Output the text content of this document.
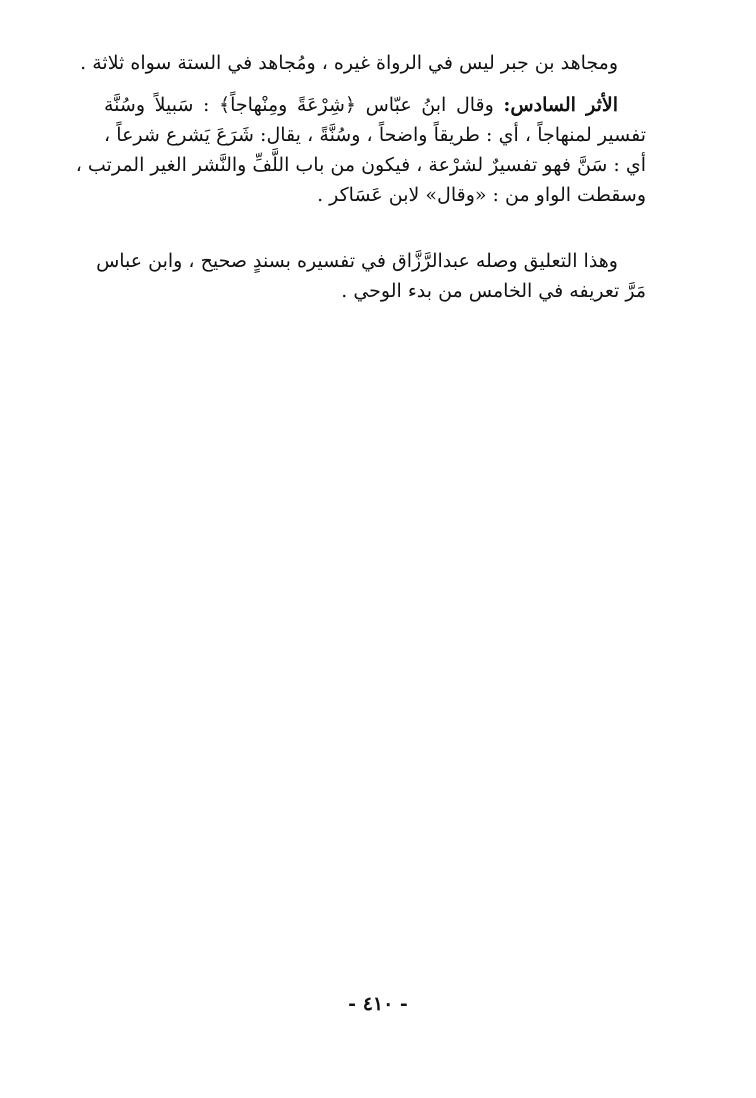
ومجاهد بن جبر ليس في الرواة غيره ، ومُجاهد في الستة سواه ثلاثة .
الأثر السادس: وقال ابنُ عبّاس ﴿شِرْعَةً ومِنْهاجاً﴾ : سَبيلاً وسُنَّة
تفسير لمنهاجاً ، أي : طريقاً واضحاً ، وسُنَّةً ، يقال: شَرَعَ يَشرع شرعاً ،
أي : سَنَّ فهو تفسيرٌ لشرْعة ، فيكون من باب اللَّفِّ والنَّشر الغير المرتب ،
وسقطت الواو من : «وقال» لابن عَسَاكر .
وهذا التعليق وصله عبدالرَّزَّاق في تفسيره بسندٍ صحيح ، وابن عباس
مَرَّ تعريفه في الخامس من بدء الوحي .
- ٤١٠ -
